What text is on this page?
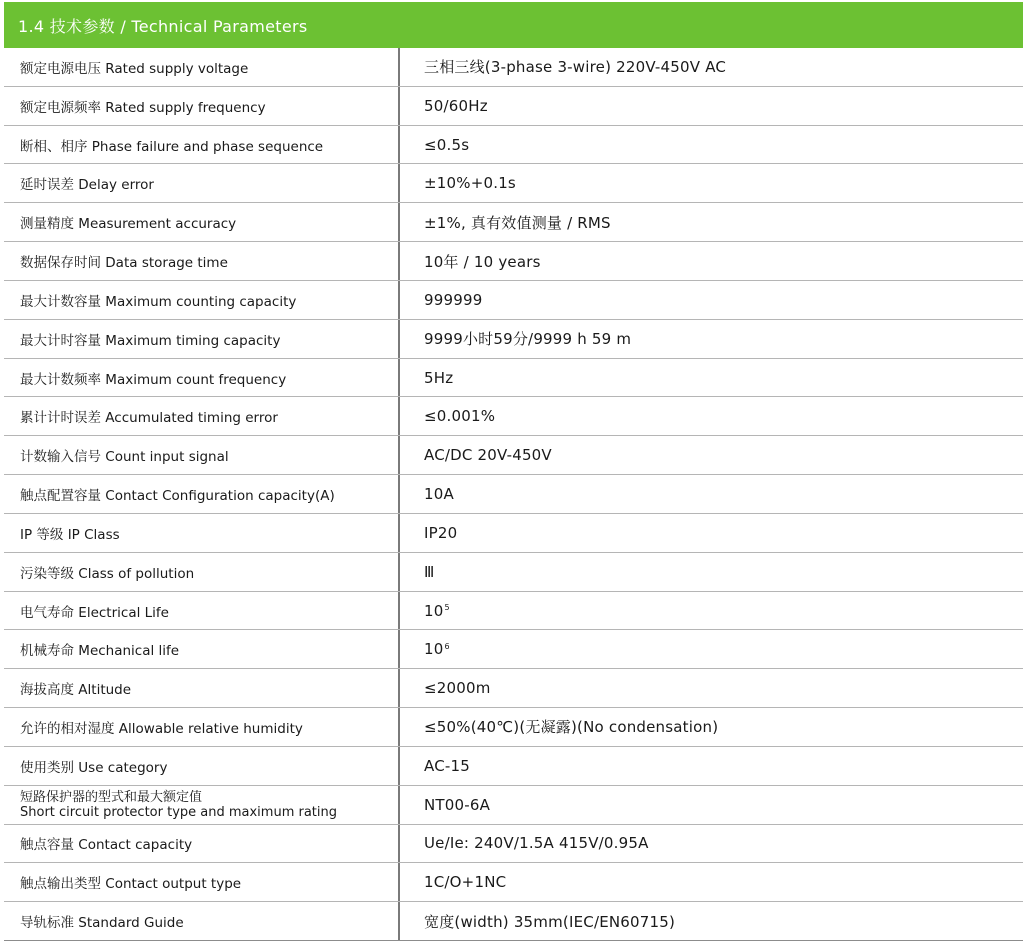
1.4 技术参数 / Technical Parameters
额定电源电压 Rated supply voltage	三相三线(3-phase 3-wire) 220V-450V AC
额定电源频率 Rated supply frequency	50/60Hz
断相、相序 Phase failure and phase sequence	≤0.5s
延时误差 Delay error	±10%+0.1s
测量精度 Measurement accuracy	±1%, 真有效值测量 / RMS
数据保存时间 Data storage time	10年 / 10 years
最大计数容量 Maximum counting capacity	999999
最大计时容量 Maximum timing capacity	9999小时59分/9999 h 59 m
最大计数频率 Maximum count frequency	5Hz
累计计时误差 Accumulated timing error	≤0.001%
计数输入信号 Count input signal	AC/DC 20V-450V
触点配置容量 Contact Configuration capacity(A)	10A
IP 等级 IP Class	IP20
污染等级 Class of pollution	Ⅲ
电气寿命 Electrical Life	$10^5$
机械寿命 Mechanical life	$10^6$
海拔高度 Altitude	≤2000m
允许的相对湿度 Allowable relative humidity	≤50%(40℃)(无凝露)(No condensation)
使用类别 Use category	AC-15
短路保护器的型式和最大额定值
Short circuit protector type and maximum rating	NT00-6A
触点容量 Contact capacity	Ue/Ie: 240V/1.5A 415V/0.95A
触点输出类型 Contact output type	1C/O+1NC
导轨标准 Standard Guide	宽度(width) 35mm(IEC/EN60715)
